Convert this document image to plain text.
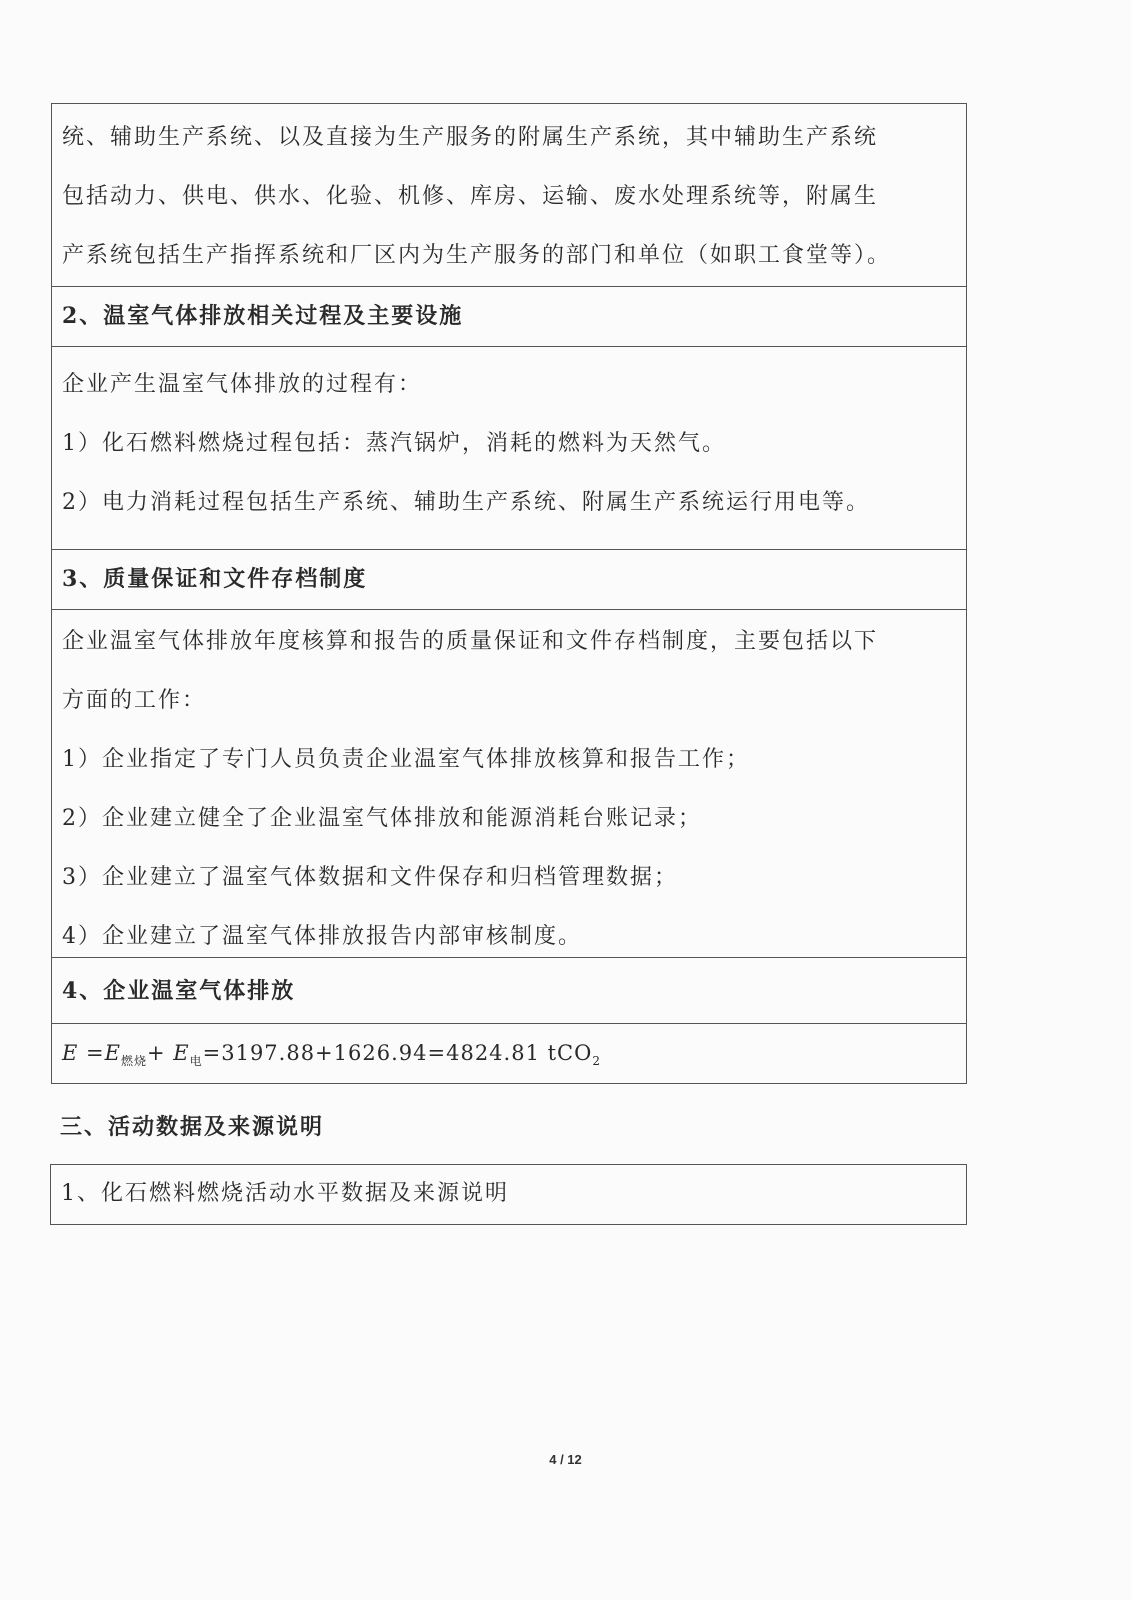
统、辅助生产系统、以及直接为生产服务的附属生产系统，其中辅助生产系统
包括动力、供电、供水、化验、机修、库房、运输、废水处理系统等，附属生
产系统包括生产指挥系统和厂区内为生产服务的部门和单位（如职工食堂等）。
2、温室气体排放相关过程及主要设施
企业产生温室气体排放的过程有：
1）化石燃料燃烧过程包括：蒸汽锅炉，消耗的燃料为天然气。
2）电力消耗过程包括生产系统、辅助生产系统、附属生产系统运行用电等。
3、质量保证和文件存档制度
企业温室气体排放年度核算和报告的质量保证和文件存档制度，主要包括以下
方面的工作：
1）企业指定了专门人员负责企业温室气体排放核算和报告工作；
2）企业建立健全了企业温室气体排放和能源消耗台账记录；
3）企业建立了温室气体数据和文件保存和归档管理数据；
4）企业建立了温室气体排放报告内部审核制度。
4、企业温室气体排放
$E =E_{燃烧}+ E_电=3197.88+1626.94=4824.81$ tCO$_2$
三、活动数据及来源说明
1、化石燃料燃烧活动水平数据及来源说明
4 / 12
